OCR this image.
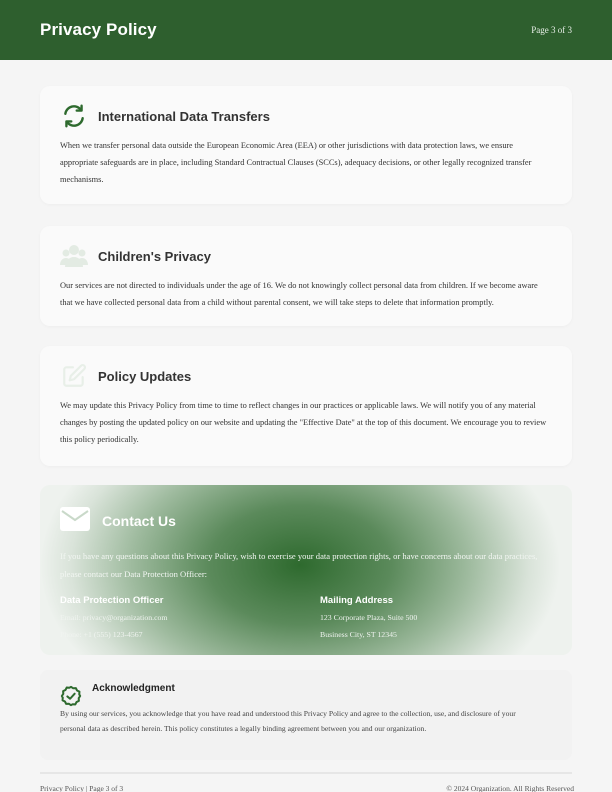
Privacy Policy	Page 3 of 3
International Data Transfers
When we transfer personal data outside the European Economic Area (EEA) or other jurisdictions with data protection laws, we ensure appropriate safeguards are in place, including Standard Contractual Clauses (SCCs), adequacy decisions, or other legally recognized transfer mechanisms.
Children's Privacy
Our services are not directed to individuals under the age of 16. We do not knowingly collect personal data from children. If we become aware that we have collected personal data from a child without parental consent, we will take steps to delete that information promptly.
Policy Updates
We may update this Privacy Policy from time to time to reflect changes in our practices or applicable laws. We will notify you of any material changes by posting the updated policy on our website and updating the "Effective Date" at the top of this document. We encourage you to review this policy periodically.
Contact Us
If you have any questions about this Privacy Policy, wish to exercise your data protection rights, or have concerns about our data practices, please contact our Data Protection Officer:
Data Protection Officer
Email: privacy@organization.com
Phone: +1 (555) 123-4567
Mailing Address
123 Corporate Plaza, Suite 500
Business City, ST 12345
Acknowledgment
By using our services, you acknowledge that you have read and understood this Privacy Policy and agree to the collection, use, and disclosure of your personal data as described herein. This policy constitutes a legally binding agreement between you and our organization.
Privacy Policy | Page 3 of 3	© 2024 Organization. All Rights Reserved
